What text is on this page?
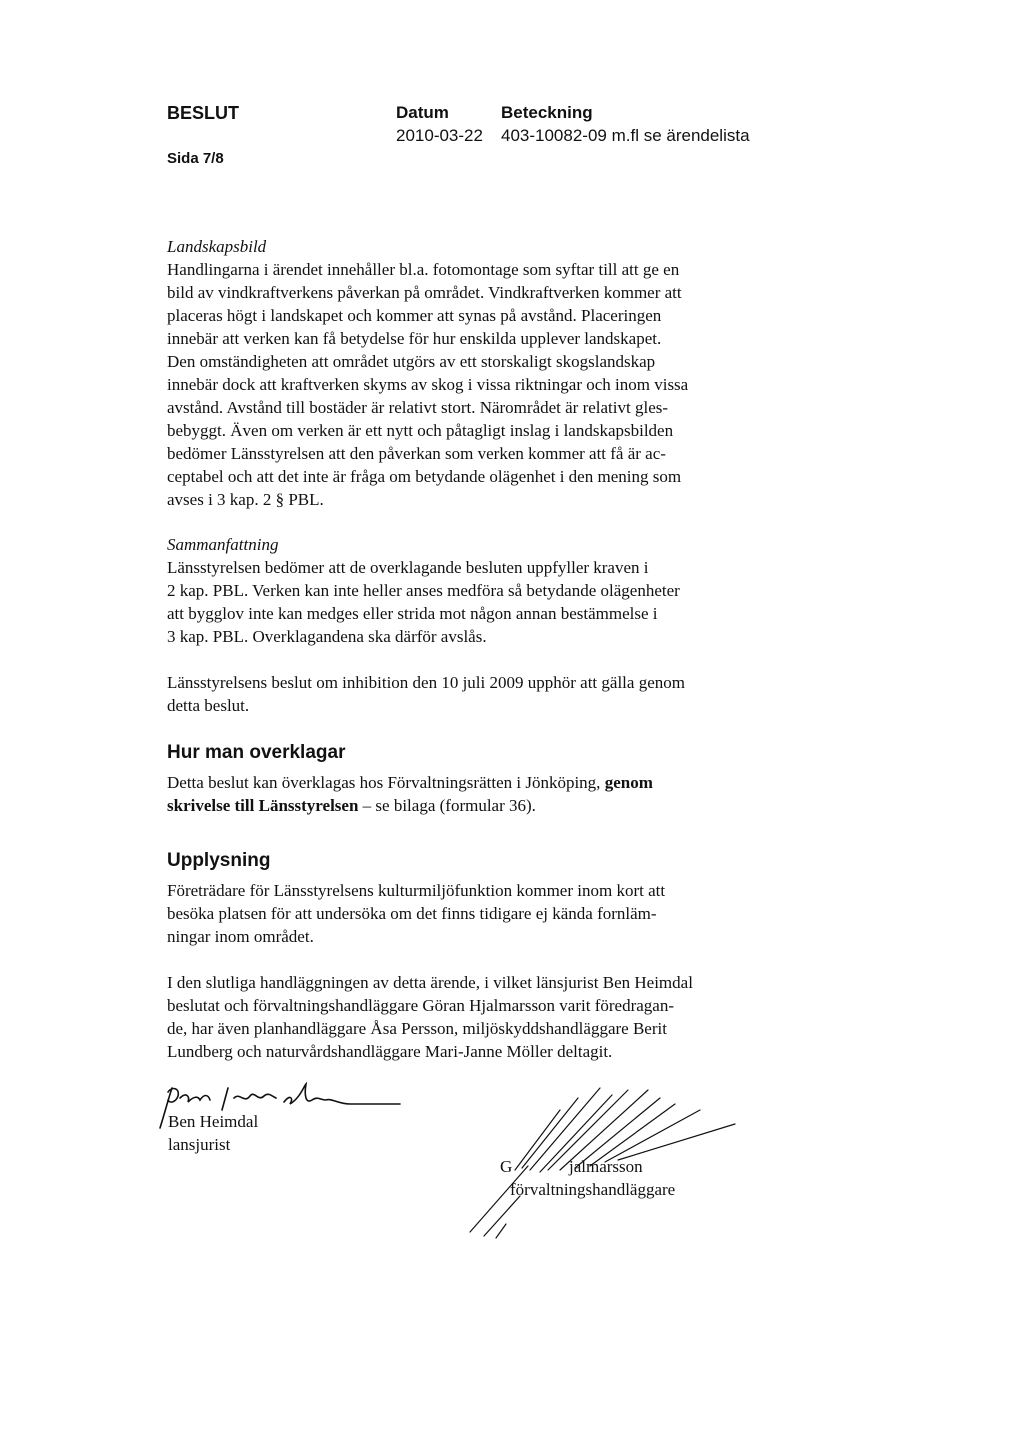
BESLUT
Sida 7/8
Datum
2010-03-22
Beteckning
403-10082-09 m.fl se ärendelista
Landskapsbild

Handlingarna i ärendet innehåller bl.a. fotomontage som syftar till att ge en

bild av vindkraftverkens påverkan på området. Vindkraftverken kommer att

placeras högt i landskapet och kommer att synas på avstånd. Placeringen

innebär att verken kan få betydelse för hur enskilda upplever landskapet.

Den omständigheten att området utgörs av ett storskaligt skogslandskap

innebär dock att kraftverken skyms av skog i vissa riktningar och inom vissa

avstånd. Avstånd till bostäder är relativt stort. Närområdet är relativt gles-

bebyggt. Även om verken är ett nytt och påtagligt inslag i landskapsbilden

bedömer Länsstyrelsen att den påverkan som verken kommer att få är ac-

ceptabel och att det inte är fråga om betydande olägenhet i den mening som

avses i 3 kap. 2 § PBL.

Sammanfattning

Länsstyrelsen bedömer att de overklagande besluten uppfyller kraven i

2 kap. PBL. Verken kan inte heller anses medföra så betydande olägenheter

att bygglov inte kan medges eller strida mot någon annan bestämmelse i

3 kap. PBL. Overklagandena ska därför avslås.

Länsstyrelsens beslut om inhibition den 10 juli 2009 upphör att gälla genom

detta beslut.

Hur man overklagar

Detta beslut kan överklagas hos Förvaltningsrätten i Jönköping, genom

skrivelse till Länsstyrelsen – se bilaga (formular 36).

Upplysning

Företrädare för Länsstyrelsens kulturmiljöfunktion kommer inom kort att

besöka platsen för att undersöka om det finns tidigare ej kända fornläm-

ningar inom området.

I den slutliga handläggningen av detta ärende, i vilket länsjurist Ben Heimdal

beslutat och förvaltningshandläggare Göran Hjalmarsson varit föredragan-

de, har även planhandläggare Åsa Persson, miljöskyddshandläggare Berit

Lundberg och naturvårdshandläggare Mari-Janne Möller deltagit.

Ben Heimdal
lansjurist
G	jalmarsson
förvaltningshandläggare
